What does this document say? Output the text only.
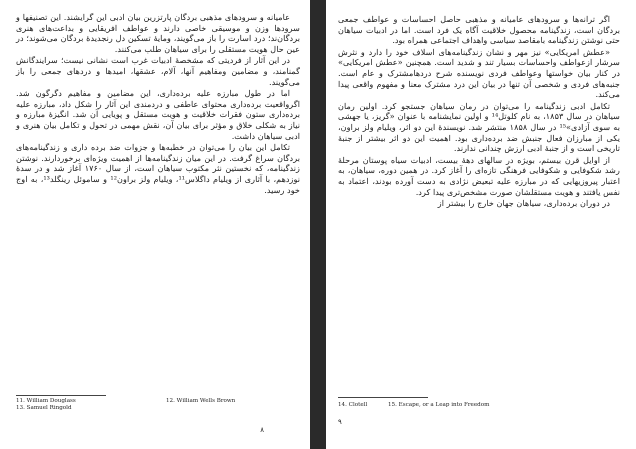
عامیانه و سرودهای مذهبی بردگان پارتزرین بیان ادبی این گرایشند. این تصنیفها و سرودها وزن و موسیقی خاصی دارند و عواطف افریقایی و بداعت‌های هنری بردگان‌ند؛ درد اسارت را باز می‌گویند، ومایهٔ تسکین دل رنجدیدهٔ بردگان می‌شوند؛ در عین حال هویت مستقلی را برای سیاهان طلب می‌کنند.

در این آثار از فردیتی که مشخصهٔ ادبیات غرب است نشانی نیست؛ سرایندگانش گمنامند، و مضامین ومفاهیم آنها، آلام، عشقها، امیدها و دردهای جمعی را باز می‌گویند.

اما در طول مبارزه علیه برده‌داری، این مضامین و مفاهیم دگرگون شد. اگرواقعیت برده‌داری محتوای عاطفی و درد‌مندی این آثار را شکل داد، مبارزه علیه برده‌داری ستون فقرات خلاقیت و هویت مستقل و پویایی آن شد. انگیزهٔ مبارزه و نیاز به شکلی خلاق و مؤثر برای بیان آن، نقش مهمی در تحول و تکامل بیان هنری و ادبی سیاهان داشت.

تکامل این بیان را می‌توان در خطبه‌ها و جزوات ضد برده داری و زندگینامه‌های بردگان سراغ گرفت. در این میان زندگینامه‌ها از اهمیت ویژه‌ای برخوردارند. نوشتن زندگینامه، که نخستین نثر مکتوب سیاهان است، از سال ۱۷۶۰ آغاز شد و در سدهٔ نوزدهم، با آثاری از ویلیام داگلاس¹¹، ویلیام ولز براون¹² و ساموئل رینگلد¹³، به اوج خود رسید.

11. William Douglass	12. William Wells Brown
13. Samuel Ringold
۸

اگر ترانه‌ها و سرودهای عامیانه و مذهبی حاصل احساسات و عواطف جمعی بردگان است، زندگینامه محصول خلاقیت آگاه یک فرد است. اما در ادبیات سیاهان حتی نوشتن زندگینامه بامقاصد سیاسی واهداف اجتماعی همراه بود.

«عطش امریکایی» نیز مهر و نشان زندگینامه‌های اسلاف خود را دارد و نثرش سرشار ازعواطف واحساسات بسیار تند و شدید است. همچنین «عطش امریکایی» در کنار بیان خواستها وعواطف فردی نویسنده شرح دردهامشترک و عام است. جنبه‌های فردی و شخصی آن تنها در بیان این درد مشترک معنا و مفهوم واقعی پیدا می‌کند.

تکامل ادبی زندگینامه را می‌توان در رمان سیاهان جستجو کرد. اولین رمان سیاهان در سال ۱۸۵۳، به نام کلوتل¹⁴ و اولین نمایشنامه با عنوان «گریز، یا جهشی به سوی آزادی»¹⁵ در سال ۱۸۵۸ منتشر شد. نویسندهٔ این دو اثر، ویلیام ولز براون، یکی از مبارزان فعال جنبش ضد برده‌داری بود. اهمیت این دو اثر بیشتر از جنبهٔ تاریخی است و از جنبهٔ ادبی ارزش چندانی ندارند.

از اوایل قرن بیستم، بویژه در سالهای دههٔ بیست، ادبیات سیاه پوستان مرحلهٔ رشد شکوفایی و شکوفایی فرهنگی تازه‌ای را آغاز کرد. در همین دوره، سیاهان، به اعتبار پیروزیهایی که در مبارزه علیه تبعیض نژادی به دست آورده بودند، اعتماد به نفس یافتند و هویت مستقلشان صورت مشخص‌تری پیدا کرد.

در دوران برده‌داری، سیاهان جهان خارج را بیشتر از

14. Clotell	15. Escape, or a Leap into Freedom
۹
